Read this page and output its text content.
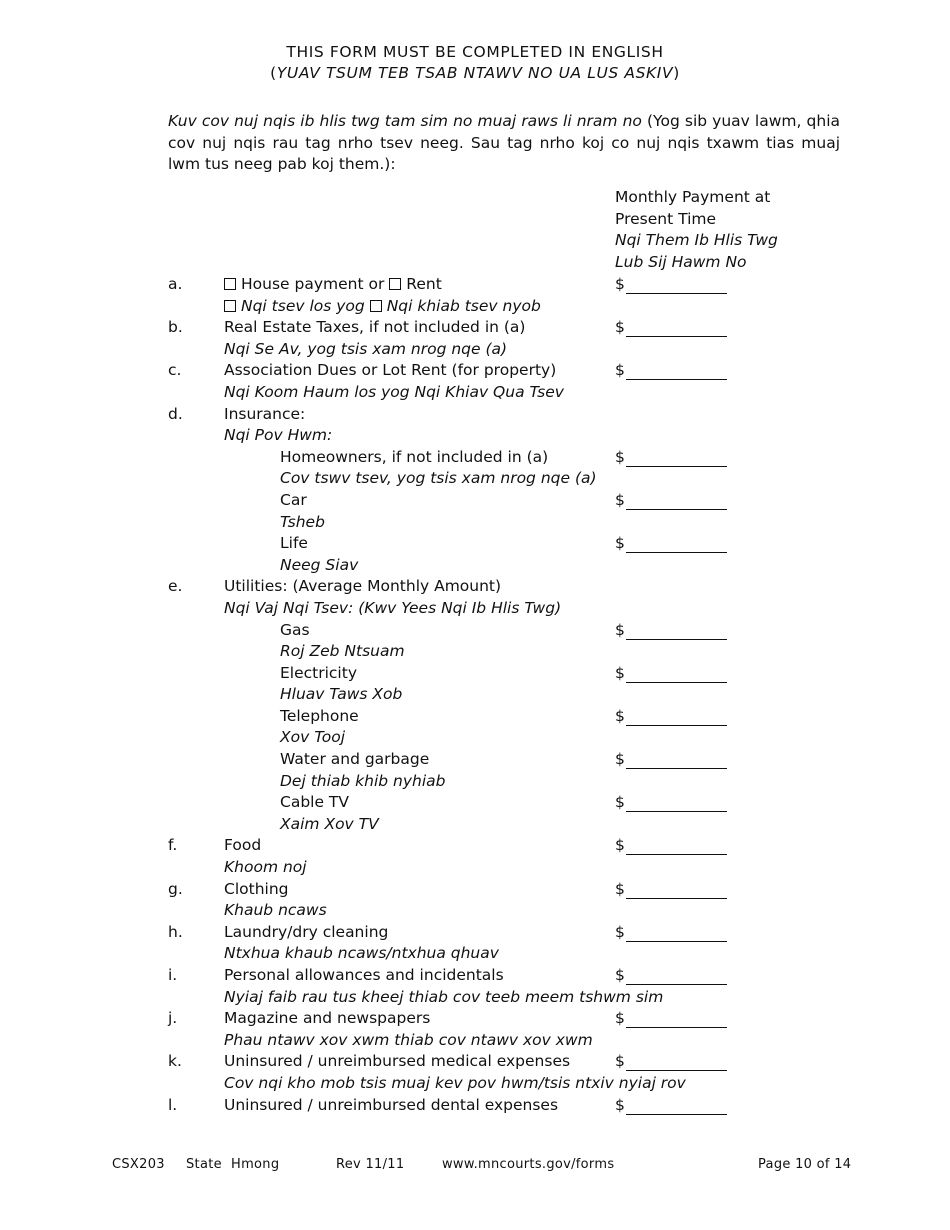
THIS FORM MUST BE COMPLETED IN ENGLISH
(YUAV TSUM TEB TSAB NTAWV NO UA LUS ASKIV)
Kuv cov nuj nqis ib hlis twg tam sim no muaj raws li nram no (Yog sib yuav lawm, qhia cov nuj nqis rau tag nrho tsev neeg. Sau tag nrho koj co nuj nqis txawm tias muaj lwm tus neeg pab koj them.):
Monthly Payment at
Present Time
Nqi Them Ib Hlis Twg
Lub Sij Hawm No
a.	House payment or Rent	$
Nqi tsev los yog Nqi khiab tsev nyob
b.	Real Estate Taxes, if not included in (a)	$
Nqi Se Av, yog tsis xam nrog nqe (a)
c.	Association Dues or Lot Rent (for property)	$
Nqi Koom Haum los yog Nqi Khiav Qua Tsev
d.	Insurance:
Nqi Pov Hwm:
Homeowners, if not included in (a)	$
Cov tswv tsev, yog tsis xam nrog nqe (a)
Car	$
Tsheb
Life	$
Neeg Siav
e.	Utilities: (Average Monthly Amount)
Nqi Vaj Nqi Tsev: (Kwv Yees Nqi Ib Hlis Twg)
Gas	$
Roj Zeb Ntsuam
Electricity	$
Hluav Taws Xob
Telephone	$
Xov Tooj
Water and garbage	$
Dej thiab khib nyhiab
Cable TV	$
Xaim Xov TV
f.	Food	$
Khoom noj
g.	Clothing	$
Khaub ncaws
h.	Laundry/dry cleaning	$
Ntxhua khaub ncaws/ntxhua qhuav
i.	Personal allowances and incidentals	$
Nyiaj faib rau tus kheej thiab cov teeb meem tshwm sim
j.	Magazine and newspapers	$
Phau ntawv xov xwm thiab cov ntawv xov xwm
k.	Uninsured / unreimbursed medical expenses	$
Cov nqi kho mob tsis muaj kev pov hwm/tsis ntxiv nyiaj rov
l.	Uninsured / unreimbursed dental expenses	$
CSX203 State Hmong	Rev 11/11	www.mncourts.gov/forms	Page 10 of 14
